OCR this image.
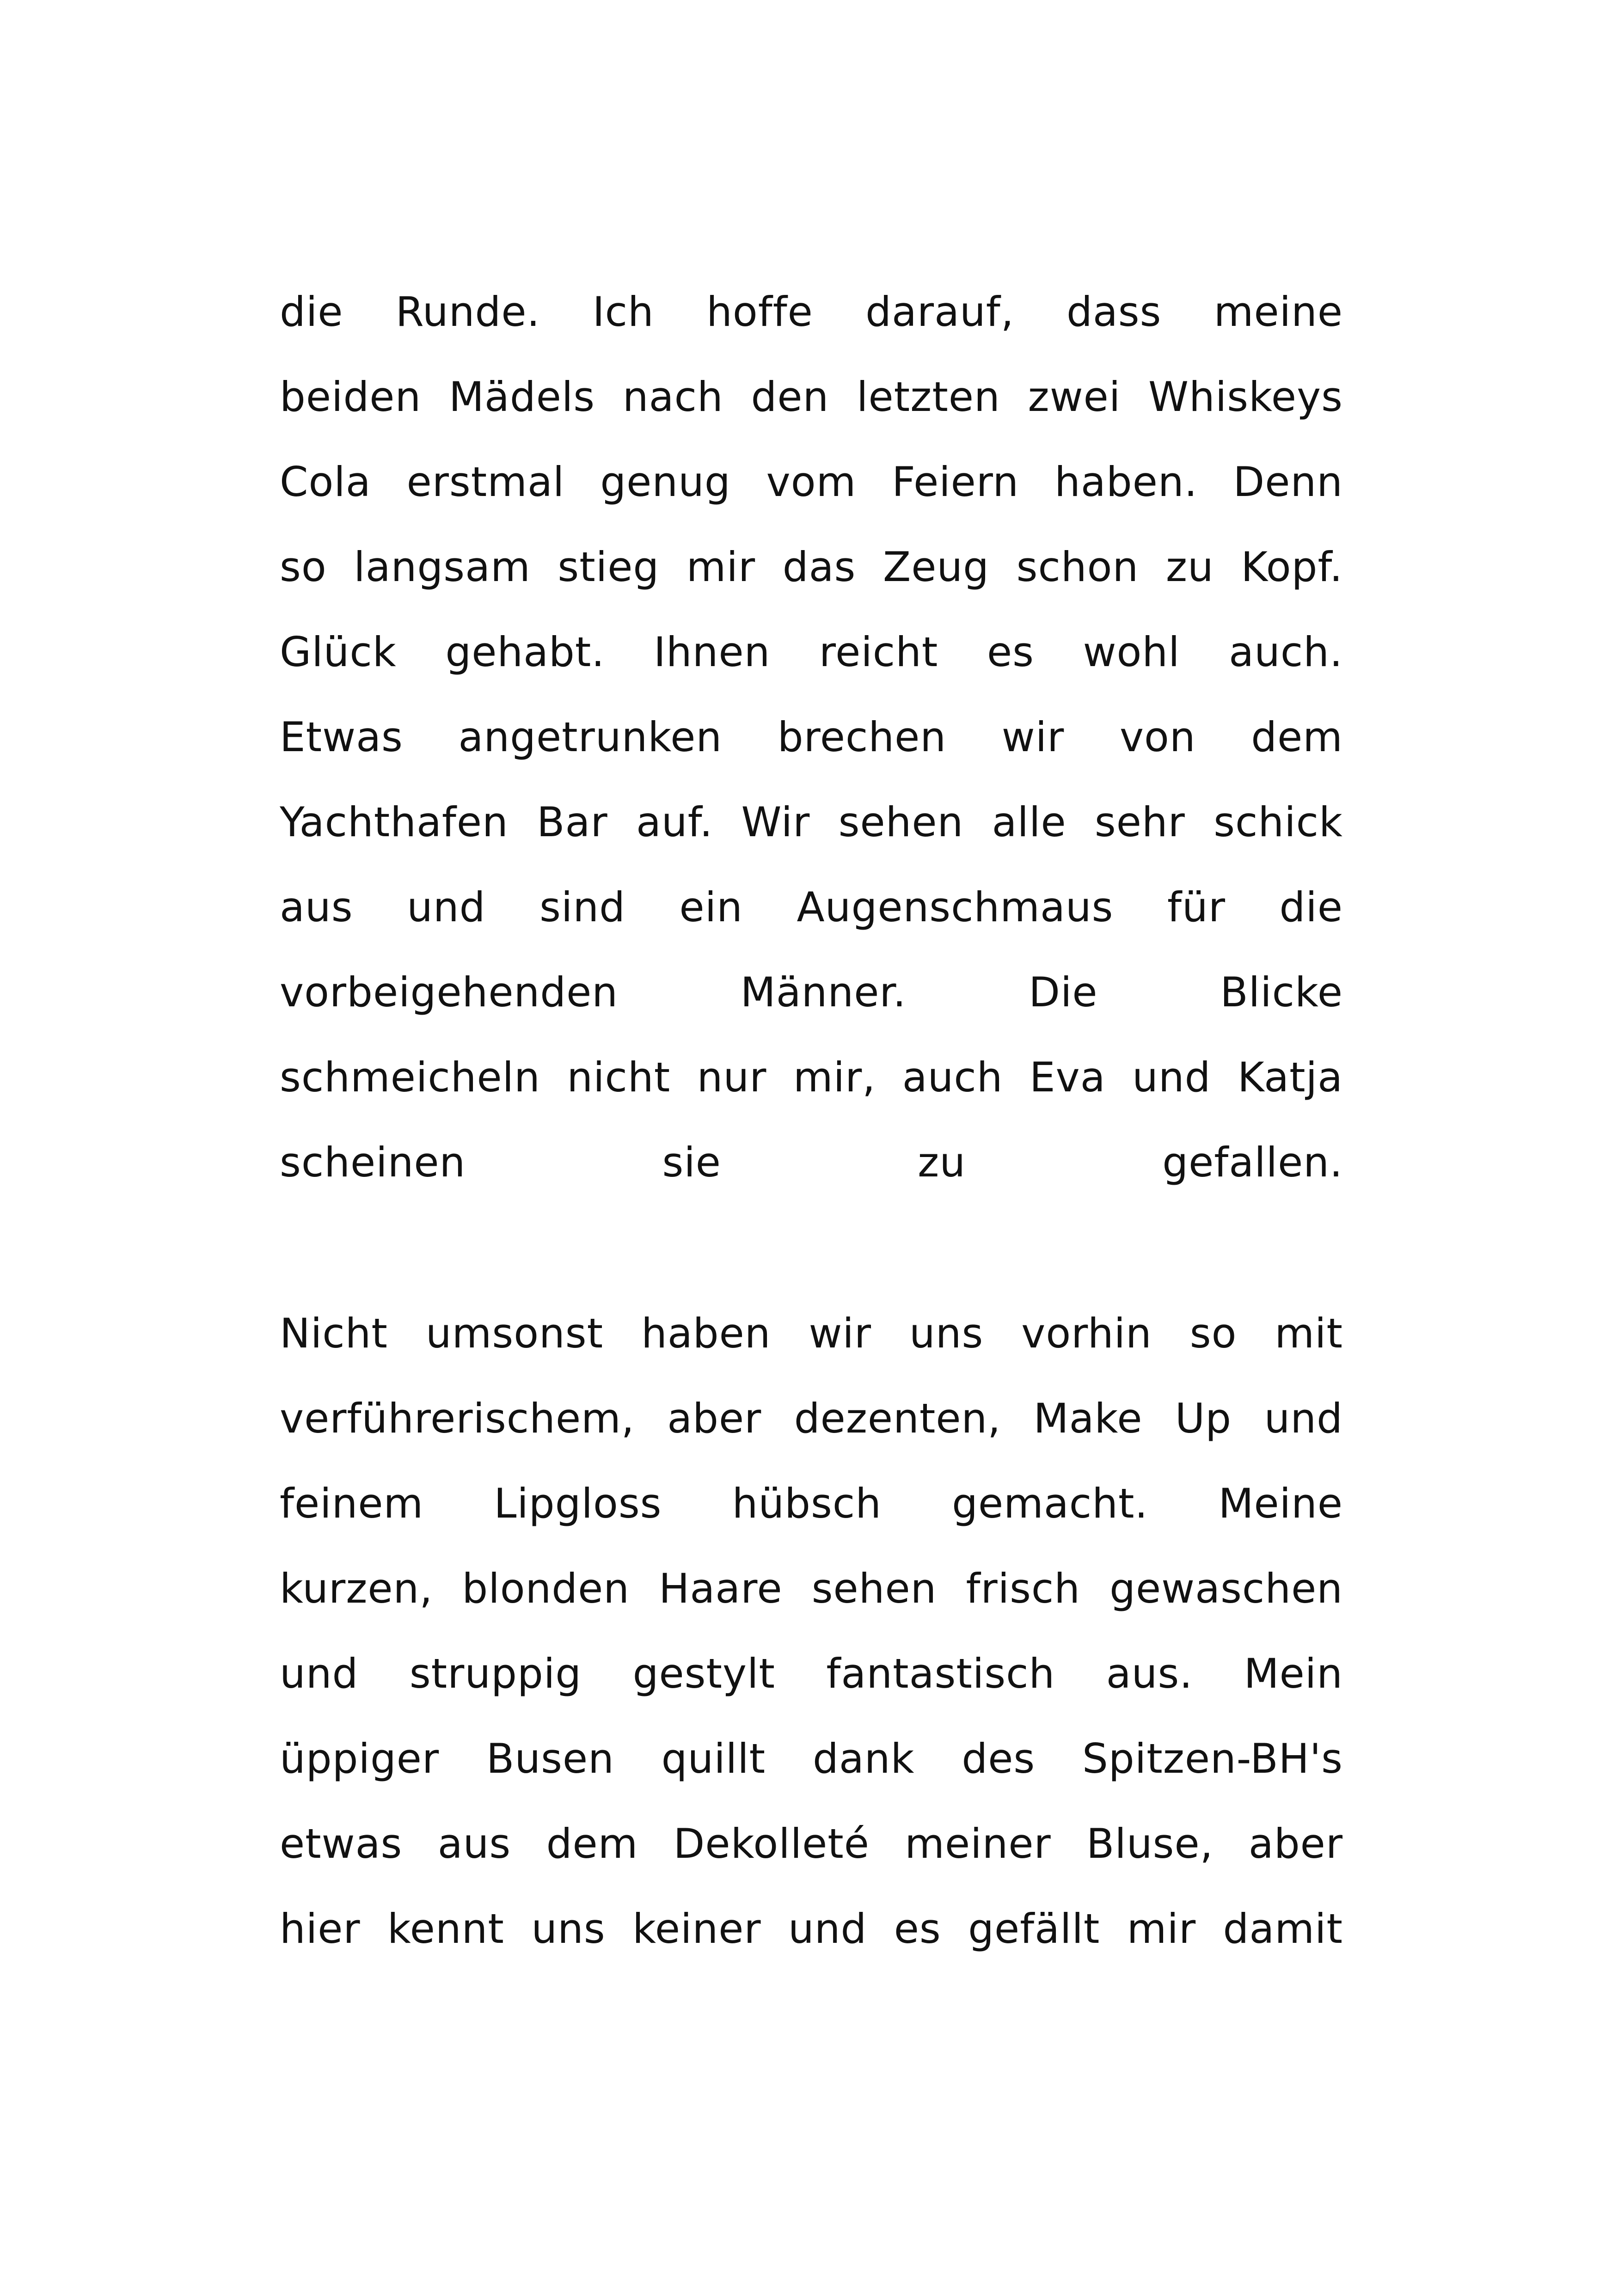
die Runde. Ich hoffe darauf, dass meine
beiden Mädels nach den letzten zwei Whiskeys
Cola erstmal genug vom Feiern haben. Denn
so langsam stieg mir das Zeug schon zu Kopf.
Glück gehabt. Ihnen reicht es wohl auch.
Etwas angetrunken brechen wir von dem
Yachthafen Bar auf. Wir sehen alle sehr schick
aus und sind ein Augenschmaus für die
vorbeigehenden Männer. Die Blicke
schmeicheln nicht nur mir, auch Eva und Katja
scheinen sie zu gefallen.
Nicht umsonst haben wir uns vorhin so mit
verführerischem, aber dezenten, Make Up und
feinem Lipgloss hübsch gemacht. Meine
kurzen, blonden Haare sehen frisch gewaschen
und struppig gestylt fantastisch aus. Mein
üppiger Busen quillt dank des Spitzen-BH's
etwas aus dem Dekolleté meiner Bluse, aber
hier kennt uns keiner und es gefällt mir damit
